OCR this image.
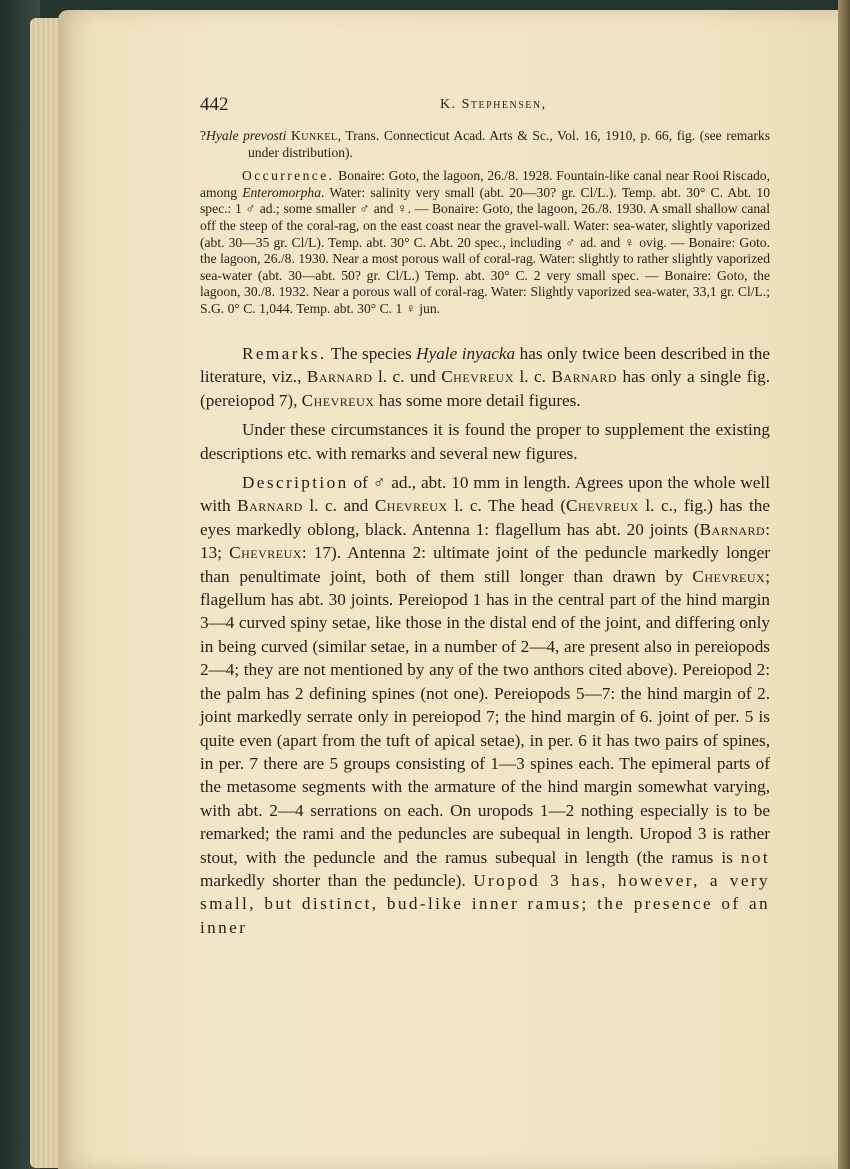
442	K. Stephensen,

?Hyale prevosti Kunkel, Trans. Connecticut Acad. Arts & Sc., Vol. 16, 1910, p. 66, fig. (see remarks under distribution).

Occurrence. Bonaire: Goto, the lagoon, 26./8. 1928. Fountain-like canal near Rooi Riscado, among Enteromorpha. Water: salinity very small (abt. 20—30? gr. Cl/L.). Temp. abt. 30° C. Abt. 10 spec.: 1 ♂ ad.; some smaller ♂ and ♀. — Bonaire: Goto, the lagoon, 26./8. 1930. A small shallow canal off the steep of the coral-rag, on the east coast near the gravel-wall. Water: sea-water, slightly vaporized (abt. 30—35 gr. Cl/L). Temp. abt. 30° C. Abt. 20 spec., including ♂ ad. and ♀ ovig. — Bonaire: Goto. the lagoon, 26./8. 1930. Near a most porous wall of coral-rag. Water: slightly to rather slightly vaporized sea-water (abt. 30—abt. 50? gr. Cl/L.) Temp. abt. 30° C. 2 very small spec. — Bonaire: Goto, the lagoon, 30./8. 1932. Near a porous wall of coral-rag. Water: Slightly vaporized sea-water, 33,1 gr. Cl/L.; S.G. 0° C. 1,044. Temp. abt. 30° C. 1 ♀ jun.

Remarks. The species Hyale inyacka has only twice been described in the literature, viz., Barnard l. c. und Chevreux l. c. Barnard has only a single fig. (pereiopod 7), Chevreux has some more detail figures.

Under these circumstances it is found the proper to supplement the existing descriptions etc. with remarks and several new figures.

Description of ♂ ad., abt. 10 mm in length. Agrees upon the whole well with Barnard l. c. and Chevreux l. c. The head (Chevreux l. c., fig.) has the eyes markedly oblong, black. Antenna 1: flagellum has abt. 20 joints (Barnard: 13; Chevreux: 17). Antenna 2: ultimate joint of the peduncle markedly longer than penultimate joint, both of them still longer than drawn by Chevreux; flagellum has abt. 30 joints. Pereiopod 1 has in the central part of the hind margin 3—4 curved spiny setae, like those in the distal end of the joint, and differing only in being curved (similar setae, in a number of 2—4, are present also in pereiopods 2—4; they are not mentioned by any of the two anthors cited above). Pereiopod 2: the palm has 2 defining spines (not one). Pereiopods 5—7: the hind margin of 2. joint markedly serrate only in pereiopod 7; the hind margin of 6. joint of per. 5 is quite even (apart from the tuft of apical setae), in per. 6 it has two pairs of spines, in per. 7 there are 5 groups consisting of 1—3 spines each. The epimeral parts of the metasome segments with the armature of the hind margin somewhat varying, with abt. 2—4 serrations on each. On uropods 1—2 nothing especially is to be remarked; the rami and the peduncles are subequal in length. Uropod 3 is rather stout, with the peduncle and the ramus subequal in length (the ramus is not markedly shorter than the peduncle). Uropod 3 has, however, a very small, but distinct, bud-like inner ramus; the presence of an inner
